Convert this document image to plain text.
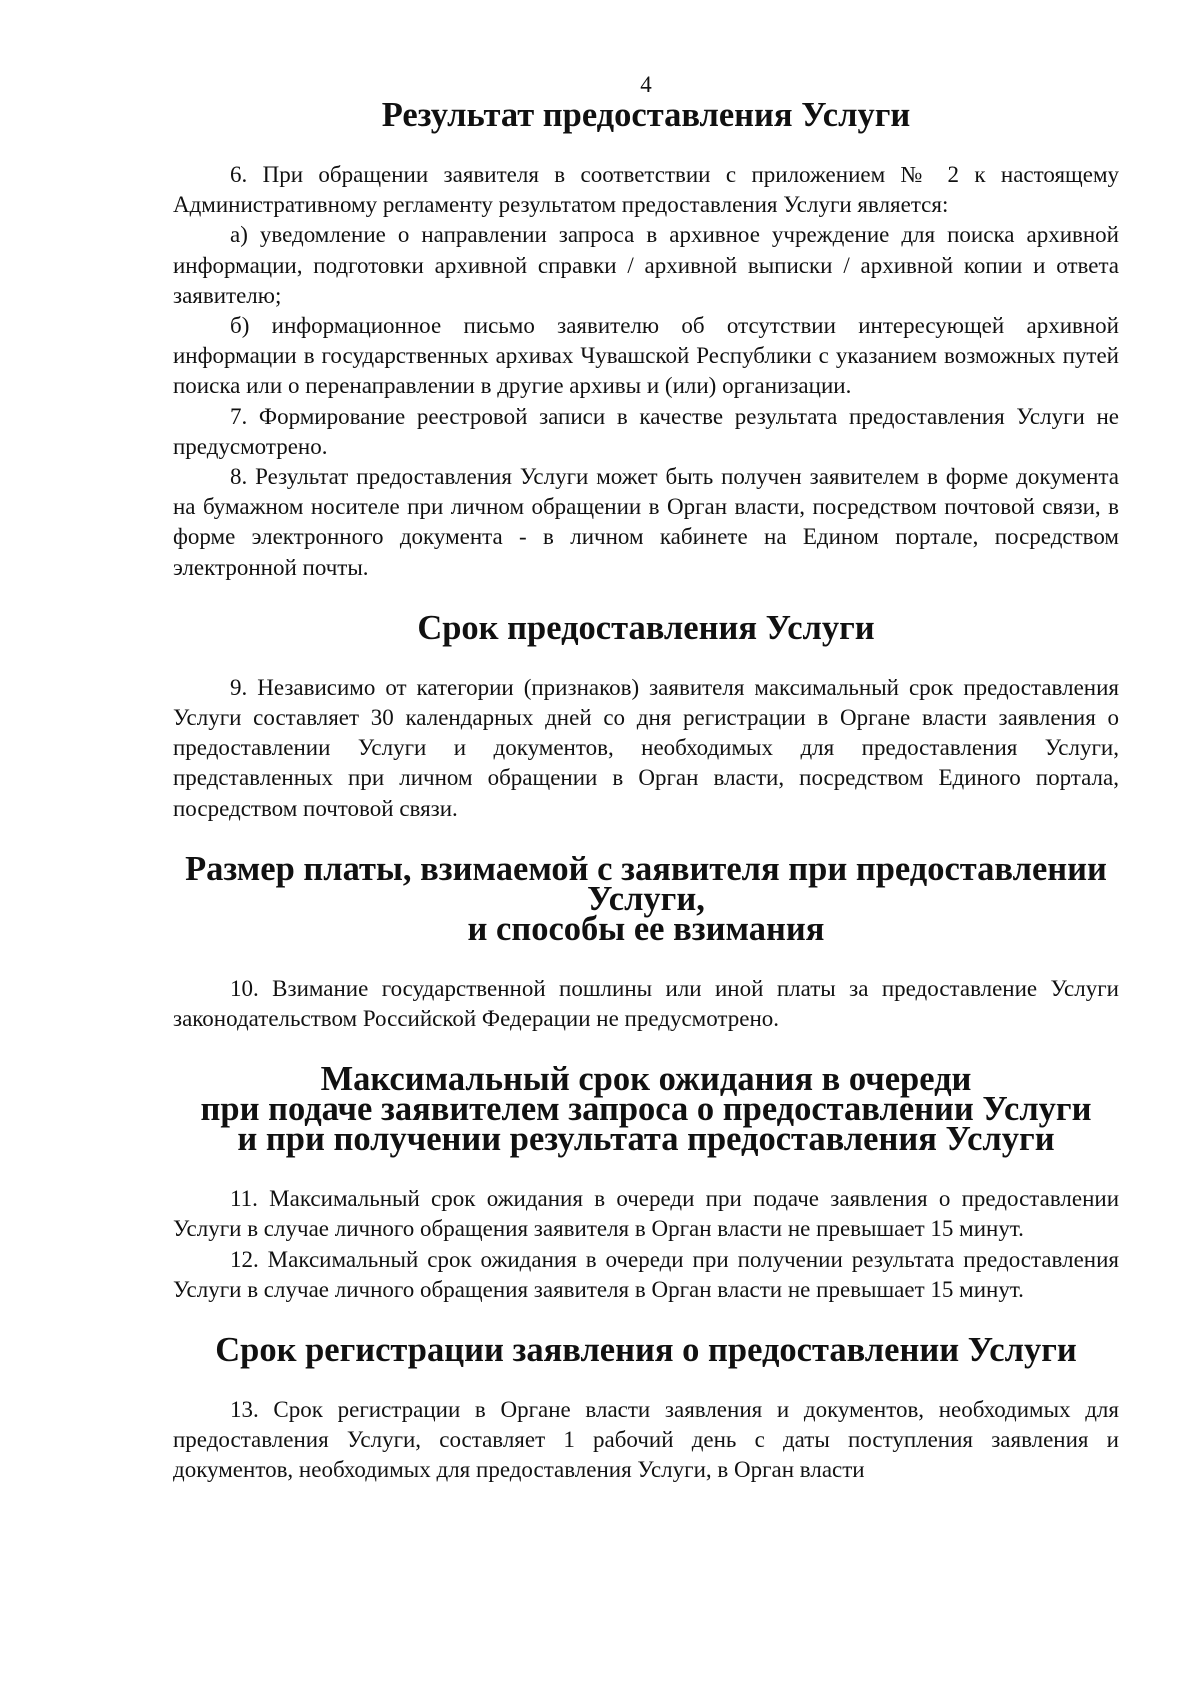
4

Результат предоставления Услуги

6. При обращении заявителя в соответствии с приложением № 2 к настоящему Административному регламенту результатом предоставления Услуги является:

а) уведомление о направлении запроса в архивное учреждение для поиска архивной информации, подготовки архивной справки / архивной выписки / архивной копии и ответа заявителю;

б) информационное письмо заявителю об отсутствии интересующей архивной информации в государственных архивах Чувашской Республики с указанием возможных путей поиска или о перенаправлении в другие архивы и (или) организации.

7. Формирование реестровой записи в качестве результата предоставления Услуги не предусмотрено.

8. Результат предоставления Услуги может быть получен заявителем в форме документа на бумажном носителе при личном обращении в Орган власти, посредством почтовой связи, в форме электронного документа - в личном кабинете на Едином портале, посредством электронной почты.

Срок предоставления Услуги

9. Независимо от категории (признаков) заявителя максимальный срок предоставления Услуги составляет 30 календарных дней со дня регистрации в Органе власти заявления о предоставлении Услуги и документов, необходимых для предоставления Услуги, представленных при личном обращении в Орган власти, посредством Единого портала, посредством почтовой связи.

Размер платы, взимаемой с заявителя при предоставлении Услуги,
и способы ее взимания

10. Взимание государственной пошлины или иной платы за предоставление Услуги законодательством Российской Федерации не предусмотрено.

Максимальный срок ожидания в очереди
при подаче заявителем запроса о предоставлении Услуги
и при получении результата предоставления Услуги

11. Максимальный срок ожидания в очереди при подаче заявления о предоставлении Услуги в случае личного обращения заявителя в Орган власти не превышает 15 минут.

12. Максимальный срок ожидания в очереди при получении результата предоставления Услуги в случае личного обращения заявителя в Орган власти не превышает 15 минут.

Срок регистрации заявления о предоставлении Услуги

13. Срок регистрации в Органе власти заявления и документов, необходимых для предоставления Услуги, составляет 1 рабочий день с даты поступления заявления и документов, необходимых для предоставления Услуги, в Орган власти
